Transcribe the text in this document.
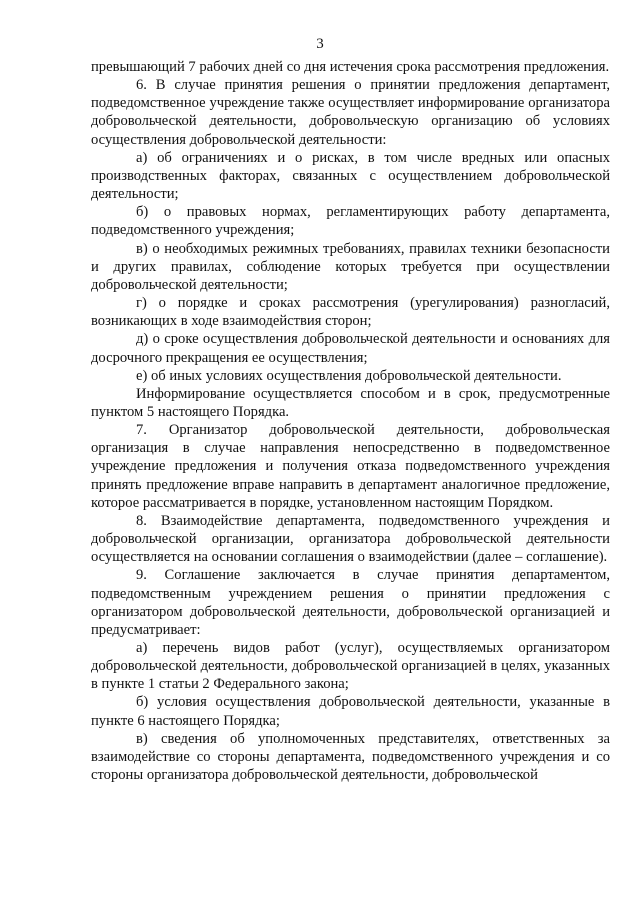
3

превышающий 7 рабочих дней со дня истечения срока рассмотрения предложения.

6. В случае принятия решения о принятии предложения департамент, подведомственное учреждение также осуществляет информирование организатора добровольческой деятельности, добровольческую организацию об условиях осуществления добровольческой деятельности:

а) об ограничениях и о рисках, в том числе вредных или опасных производственных факторах, связанных с осуществлением добровольческой деятельности;

б) о правовых нормах, регламентирующих работу департамента, подведомственного учреждения;

в) о необходимых режимных требованиях, правилах техники безопасности и других правилах, соблюдение которых требуется при осуществлении добровольческой деятельности;

г) о порядке и сроках рассмотрения (урегулирования) разногласий, возникающих в ходе взаимодействия сторон;

д) о сроке осуществления добровольческой деятельности и основаниях для досрочного прекращения ее осуществления;

е) об иных условиях осуществления добровольческой деятельности.

Информирование осуществляется способом и в срок, предусмотренные пунктом 5 настоящего Порядка.

7. Организатор добровольческой деятельности, добровольческая организация в случае направления непосредственно в подведомственное учреждение предложения и получения отказа подведомственного учреждения принять предложение вправе направить в департамент аналогичное предложение, которое рассматривается в порядке, установленном настоящим Порядком.

8. Взаимодействие департамента, подведомственного учреждения и добровольческой организации, организатора добровольческой деятельности осуществляется на основании соглашения о взаимодействии (далее – соглашение).

9. Соглашение заключается в случае принятия департаментом, подведомственным учреждением решения о принятии предложения с организатором добровольческой деятельности, добровольческой организацией и предусматривает:

а) перечень видов работ (услуг), осуществляемых организатором добровольческой деятельности, добровольческой организацией в целях, указанных в пункте 1 статьи 2 Федерального закона;

б) условия осуществления добровольческой деятельности, указанные в пункте 6 настоящего Порядка;

в) сведения об уполномоченных представителях, ответственных за взаимодействие со стороны департамента, подведомственного учреждения и со стороны организатора добровольческой деятельности, добровольческой
